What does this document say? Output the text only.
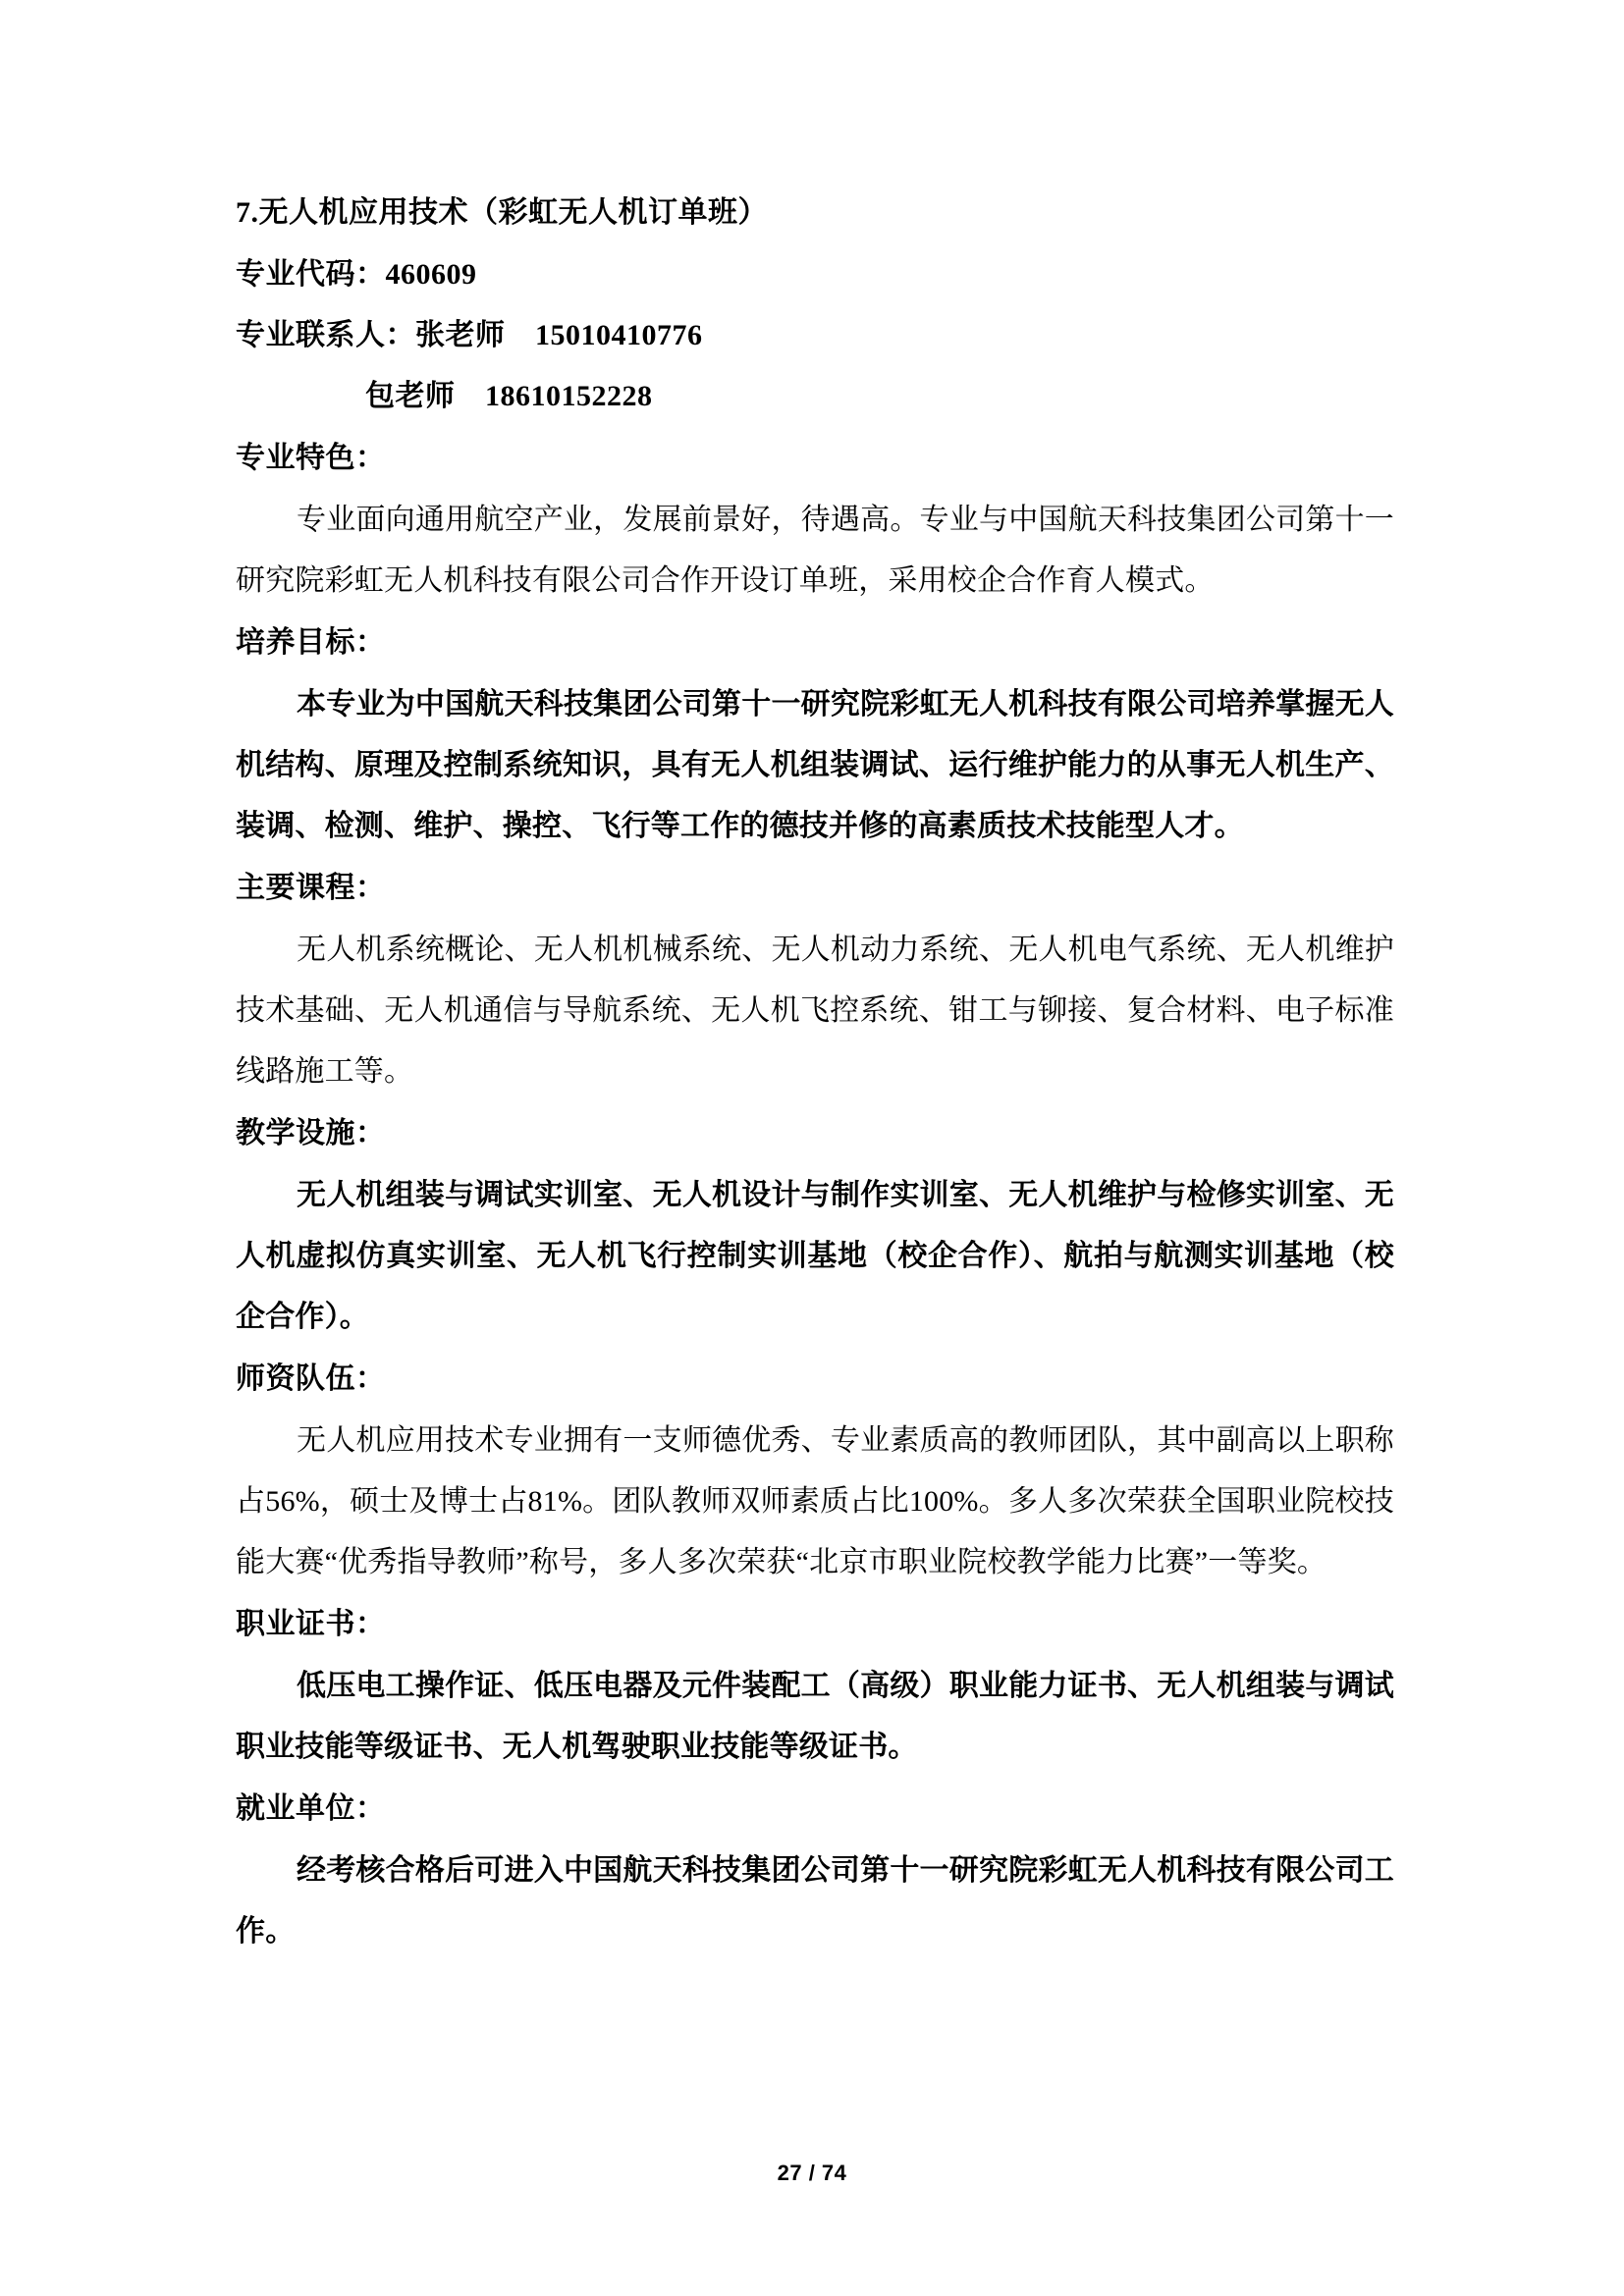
7.无人机应用技术（彩虹无人机订单班）
专业代码：460609
专业联系人：张老师　15010410776
包老师　18610152228
专业特色：
专业面向通用航空产业，发展前景好，待遇高。专业与中国航天科技集团公司第十一研究院彩虹无人机科技有限公司合作开设订单班，采用校企合作育人模式。
培养目标：
本专业为中国航天科技集团公司第十一研究院彩虹无人机科技有限公司培养掌握无人机结构、原理及控制系统知识，具有无人机组装调试、运行维护能力的从事无人机生产、装调、检测、维护、操控、飞行等工作的德技并修的高素质技术技能型人才。
主要课程：
无人机系统概论、无人机机械系统、无人机动力系统、无人机电气系统、无人机维护技术基础、无人机通信与导航系统、无人机飞控系统、钳工与铆接、复合材料、电子标准线路施工等。
教学设施：
无人机组装与调试实训室、无人机设计与制作实训室、无人机维护与检修实训室、无人机虚拟仿真实训室、无人机飞行控制实训基地（校企合作）、航拍与航测实训基地（校企合作）。
师资队伍：
无人机应用技术专业拥有一支师德优秀、专业素质高的教师团队，其中副高以上职称占56%，硕士及博士占81%。团队教师双师素质占比100%。多人多次荣获全国职业院校技能大赛“优秀指导教师”称号，多人多次荣获“北京市职业院校教学能力比赛”一等奖。
职业证书：
低压电工操作证、低压电器及元件装配工（高级）职业能力证书、无人机组装与调试职业技能等级证书、无人机驾驶职业技能等级证书。
就业单位：
经考核合格后可进入中国航天科技集团公司第十一研究院彩虹无人机科技有限公司工作。
27 / 74
